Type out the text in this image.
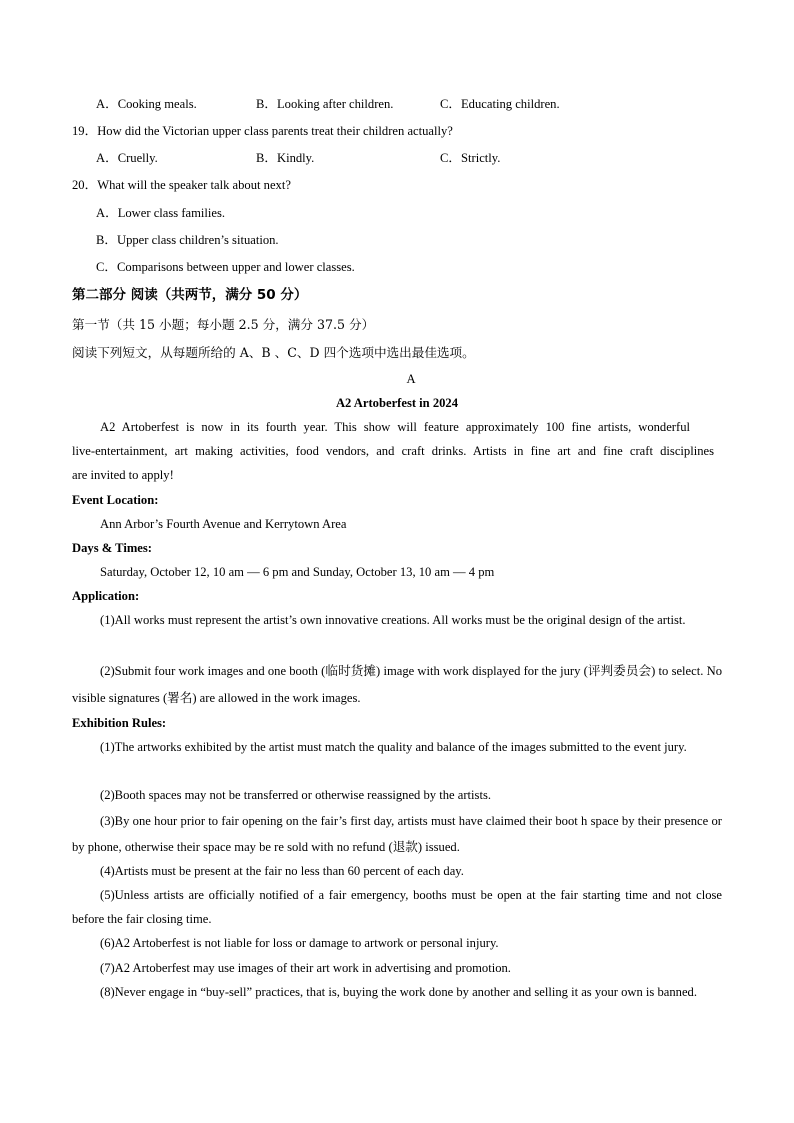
A．Cooking meals.	B．Looking after children.	C．Educating children.
19．How did the Victorian upper class parents treat their children actually?
A．Cruelly.	B．Kindly.	C．Strictly.
20．What will the speaker talk about next?
A．Lower class families.
B．Upper class children’s situation.
C．Comparisons between upper and lower classes.
第二部分 阅读（共两节，满分 50 分）
第一节（共 15 小题；每小题 2.5 分，满分 37.5 分）
阅读下列短文，从每题所给的 A、B 、C、D 四个选项中选出最佳选项。
A
A2 Artoberfest in 2024
A2 Artoberfest is now in its fourth year. This show will feature approximately 100 fine artists, wonderful
live-entertainment, art making activities, food vendors, and craft drinks. Artists in fine art and fine craft disciplines
are invited to apply!
Event Location:
Ann Arbor’s Fourth Avenue and Kerrytown Area
Days & Times:
Saturday, October 12, 10 am — 6 pm and Sunday, October 13, 10 am — 4 pm
Application:
(1)All works must represent the artist’s own innovative creations. All works must be the original design of the artist.
(2)Submit four work images and one booth (临时货摊) image with work displayed for the jury (评判委员会) to select. No visible signatures (署名) are allowed in the work images.
Exhibition Rules:
(1)The artworks exhibited by the artist must match the quality and balance of the images submitted to the event jury.
(2)Booth spaces may not be transferred or otherwise reassigned by the artists.
(3)By one hour prior to fair opening on the fair’s first day, artists must have claimed their boot h space by their presence or by phone, otherwise their space may be re sold with no refund (退款) issued.
(4)Artists must be present at the fair no less than 60 percent of each day.
(5)Unless artists are officially notified of a fair emergency, booths must be open at the fair starting time and not close before the fair closing time.
(6)A2 Artoberfest is not liable for loss or damage to artwork or personal injury.
(7)A2 Artoberfest may use images of their art work in advertising and promotion.
(8)Never engage in “buy-sell” practices, that is, buying the work done by another and selling it as your own is banned.
